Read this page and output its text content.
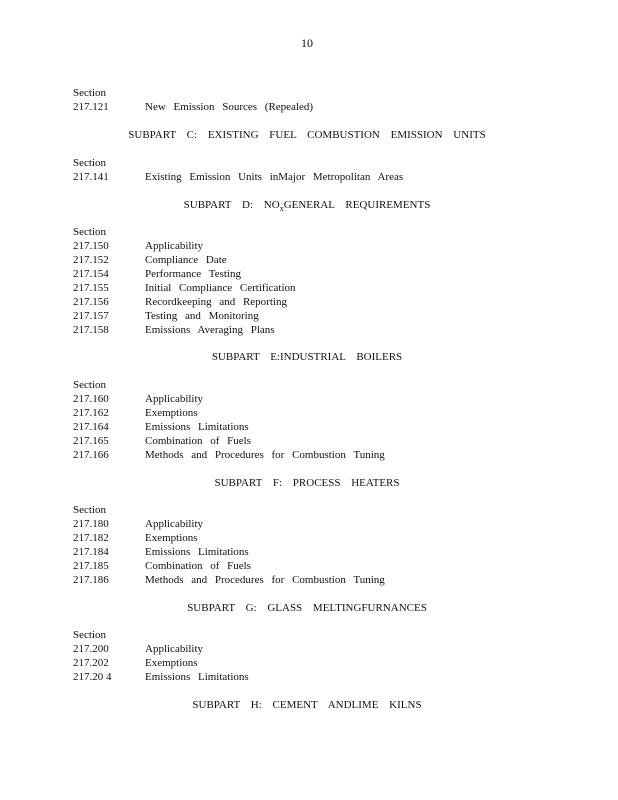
10
Section
217.121	New Emission Sources (Repealed)
SUBPART C: EXISTING FUEL COMBUSTION EMISSION UNITS
Section
217.141	Existing Emission Units inMajor Metropolitan Areas
SUBPART D: $NO_xGENERAL$ REQUIREMENTS
Section
217.150	Applicability
217.152	Compliance Date
217.154	Performance Testing
217.155	Initial Compliance Certification
217.156	Recordkeeping and Reporting
217.157	Testing and Monitoring
217.158	Emissions Averaging Plans
SUBPART E:INDUSTRIAL BOILERS
Section
217.160	Applicability
217.162	Exemptions
217.164	Emissions Limitations
217.165	Combination of Fuels
217.166	Methods and Procedures for Combustion Tuning
SUBPART F: PROCESS HEATERS
Section
217.180	Applicability
217.182	Exemptions
217.184	Emissions Limitations
217.185	Combination of Fuels
217.186	Methods and Procedures for Combustion Tuning
SUBPART G: GLASS MELTINGFURNANCES
Section
217.200	Applicability
217.202	Exemptions
217.20 4	Emissions Limitations
SUBPART H: CEMENT ANDLIME KILNS
